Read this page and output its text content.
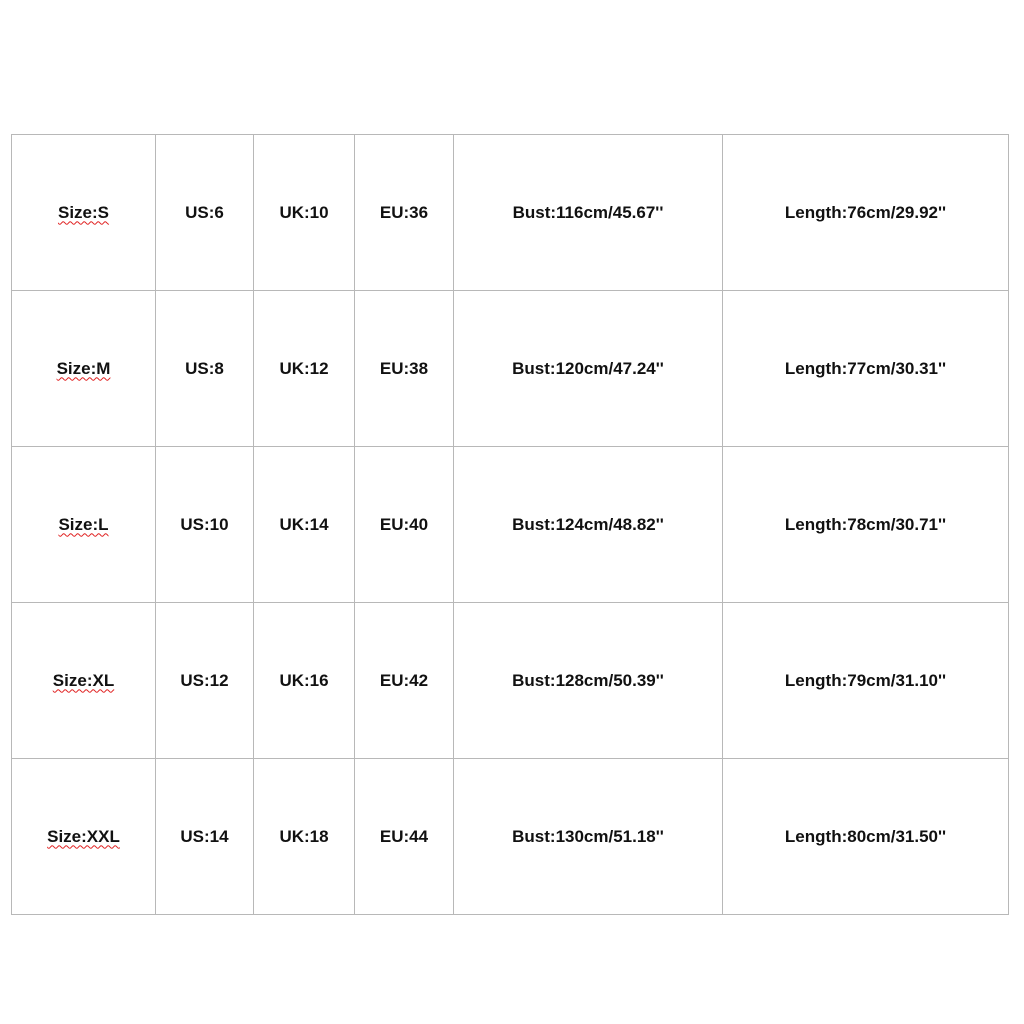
Size:S	US:6	UK:10	EU:36	Bust:116cm/45.67''	Length:76cm/29.92''
Size:M	US:8	UK:12	EU:38	Bust:120cm/47.24''	Length:77cm/30.31''
Size:L	US:10	UK:14	EU:40	Bust:124cm/48.82''	Length:78cm/30.71''
Size:XL	US:12	UK:16	EU:42	Bust:128cm/50.39''	Length:79cm/31.10''
Size:XXL	US:14	UK:18	EU:44	Bust:130cm/51.18''	Length:80cm/31.50''
